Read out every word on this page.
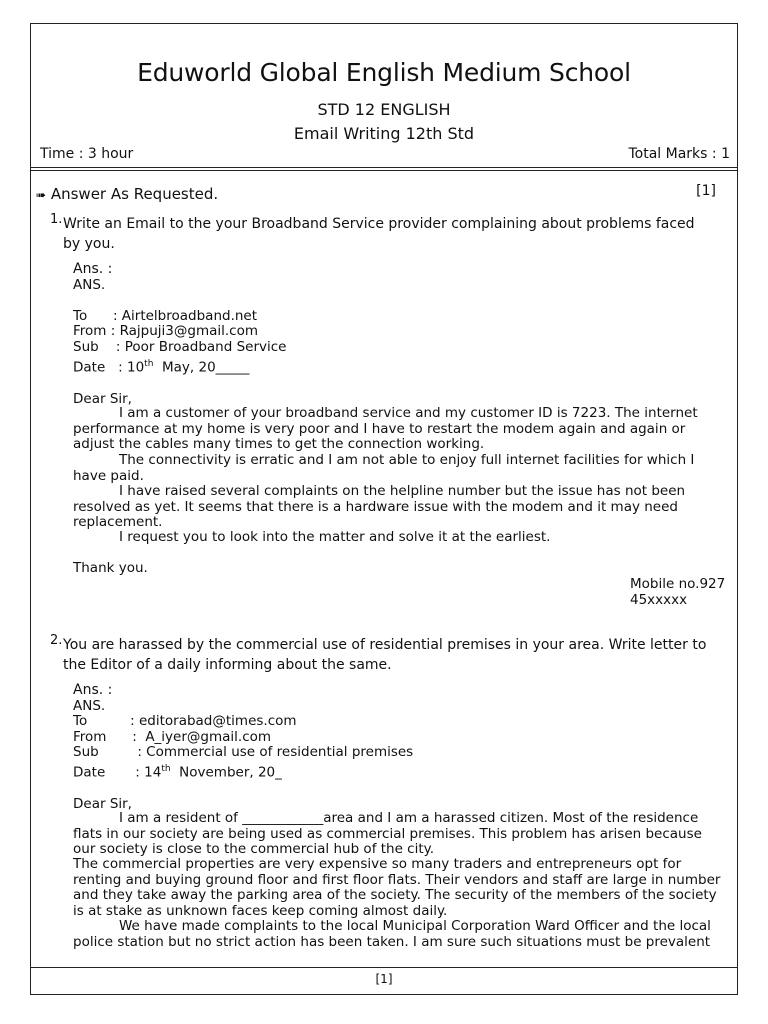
Eduworld Global English Medium School
STD 12 ENGLISH
Email Writing 12th Std
Time : 3 hour	Total Marks : 1
➠ Answer As Requested.	[1]
1. Write an Email to the your Broadband Service provider complaining about problems faced by you.
Ans. :
ANS.
To      : Airtelbroadband.net
From : Rajpuji3@gmail.com
Sub    : Poor Broadband Service
Date   : 10th  May, 20_____
Dear Sir,
I am a customer of your broadband service and my customer ID is 7223. The internet performance at my home is very poor and I have to restart the modem again and again or adjust the cables many times to get the connection working.
The connectivity is erratic and I am not able to enjoy full internet facilities for which I have paid.
I have raised several complaints on the helpline number but the issue has not been resolved as yet. It seems that there is a hardware issue with the modem and it may need replacement.
I request you to look into the matter and solve it at the earliest.
Thank you.
Mobile no.92745xxxxx
2. You are harassed by the commercial use of residential premises in your area. Write letter to the Editor of a daily informing about the same.
Ans. :
ANS.
To          : editorabad@times.com
From      :  A_iyer@gmail.com
Sub         : Commercial use of residential premises
Date       : 14th  November, 20_
Dear Sir,
I am a resident of ____________area and I am a harassed citizen. Most of the residence flats in our society are being used as commercial premises. This problem has arisen because our society is close to the commercial hub of the city.
The commercial properties are very expensive so many traders and entrepreneurs opt for renting and buying ground floor and first floor flats. Their vendors and staff are large in number and they take away the parking area of the society. The security of the members of the society is at stake as unknown faces keep coming almost daily.
We have made complaints to the local Municipal Corporation Ward Officer and the local police station but no strict action has been taken. I am sure such situations must be prevalent
[1]
